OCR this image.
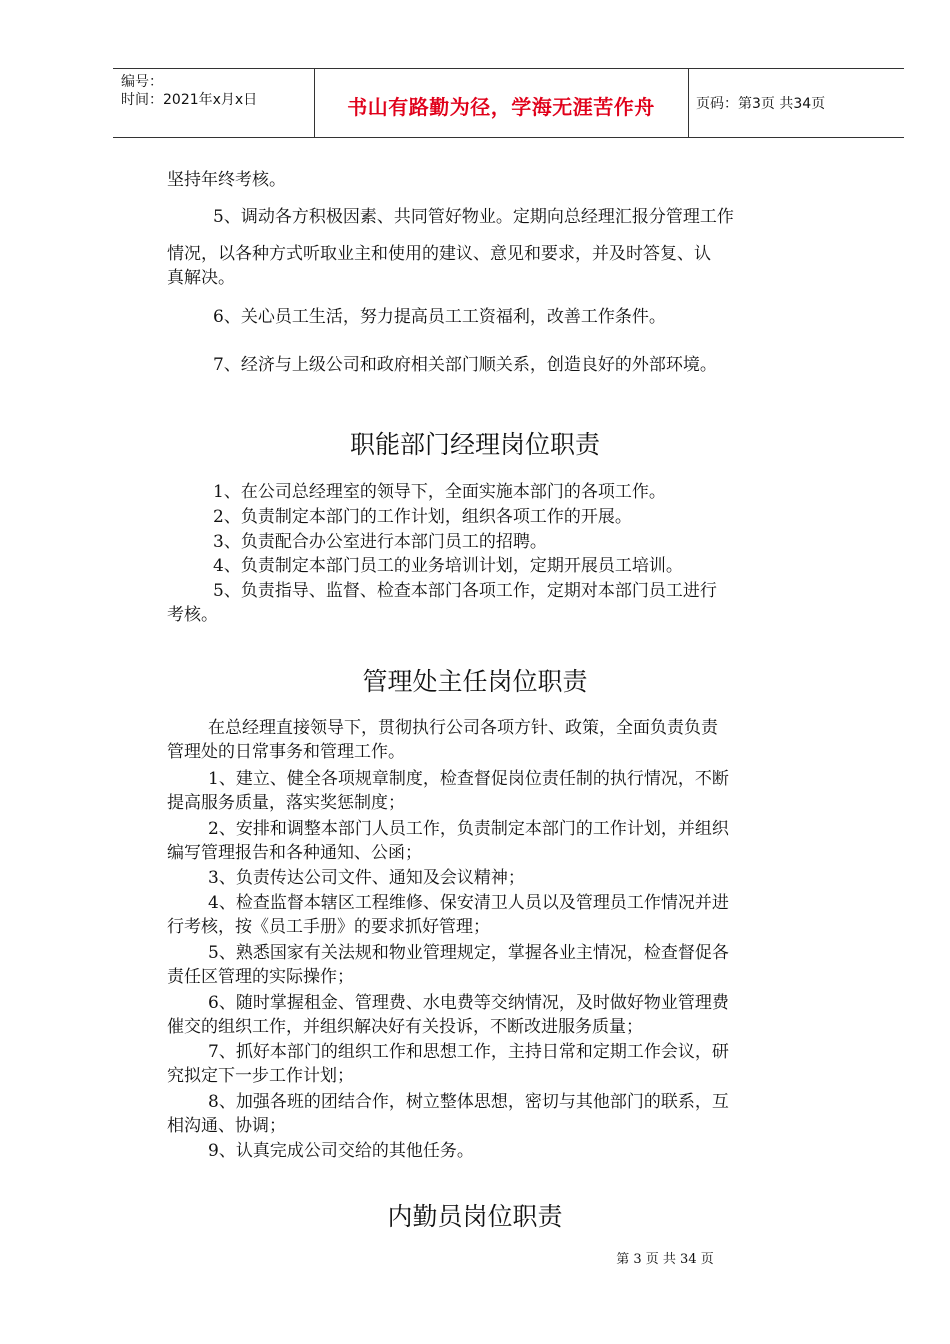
编号：
时间：2021年x月x日	书山有路勤为径，学海无涯苦作舟	页码：第3页 共34页
坚持年终考核。
5、调动各方积极因素、共同管好物业。定期向总经理汇报分管理工作
情况，以各种方式听取业主和使用的建议、意见和要求，并及时答复、认
真解决。
6、关心员工生活，努力提高员工工资福利，改善工作条件。
7、经济与上级公司和政府相关部门顺关系，创造良好的外部环境。
职能部门经理岗位职责
1、在公司总经理室的领导下，全面实施本部门的各项工作。
2、负责制定本部门的工作计划，组织各项工作的开展。
3、负责配合办公室进行本部门员工的招聘。
4、负责制定本部门员工的业务培训计划，定期开展员工培训。
5、负责指导、监督、检查本部门各项工作，定期对本部门员工进行
考核。
管理处主任岗位职责
在总经理直接领导下，贯彻执行公司各项方针、政策，全面负责负责
管理处的日常事务和管理工作。
1、建立、健全各项规章制度，检查督促岗位责任制的执行情况，不断
提高服务质量，落实奖惩制度；
2、安排和调整本部门人员工作，负责制定本部门的工作计划，并组织
编写管理报告和各种通知、公函；
3、负责传达公司文件、通知及会议精神；
4、检查监督本辖区工程维修、保安清卫人员以及管理员工作情况并进
行考核，按《员工手册》的要求抓好管理；
5、熟悉国家有关法规和物业管理规定，掌握各业主情况，检查督促各
责任区管理的实际操作；
6、随时掌握租金、管理费、水电费等交纳情况，及时做好物业管理费
催交的组织工作，并组织解决好有关投诉，不断改进服务质量；
7、抓好本部门的组织工作和思想工作，主持日常和定期工作会议，研
究拟定下一步工作计划；
8、加强各班的团结合作，树立整体思想，密切与其他部门的联系，互
相沟通、协调；
9、认真完成公司交给的其他任务。
内勤员岗位职责
第 3 页 共 34 页
